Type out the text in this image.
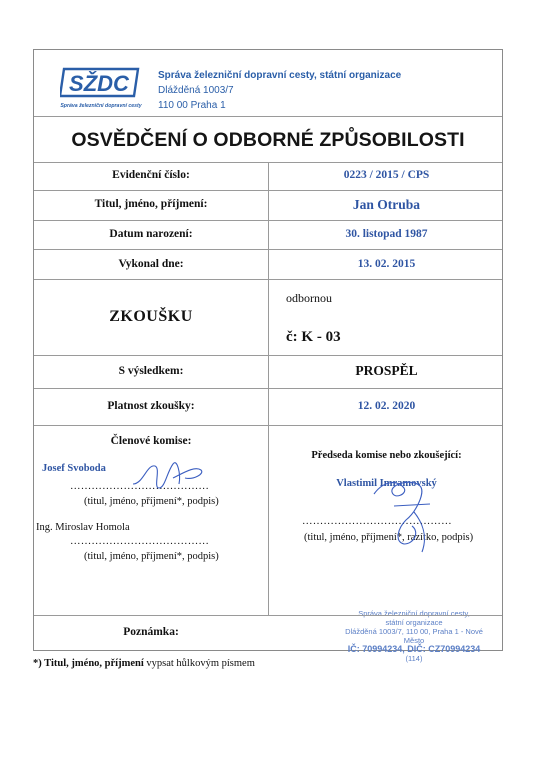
SŽDC
Správa železniční dopravní cesty
Správa železniční dopravní cesty, státní organizace
Dlážděná 1003/7
110 00 Praha 1
OSVĚDČENÍ O ODBORNÉ ZPŮSOBILOSTI
Evidenční číslo:	0223 / 2015 / CPS
Titul, jméno, příjmení:	Jan Otruba
Datum narození:	30. listopad 1987
Vykonal dne:	13. 02. 2015
ZKOUŠKU
odbornou
č: K - 03
S výsledkem:	PROSPĚL
Platnost zkoušky:	12. 02. 2020
Členové komise:
Josef Svoboda
…………………………………
(titul, jméno, příjmení*, podpis)
Ing. Miroslav Homola
…………………………………
(titul, jméno, příjmení*, podpis)
Předseda komise nebo zkoušející:
Vlastimil Imramovský
……………………………………
(titul, jméno, příjmení*, razítko, podpis)
Správa železniční dopravní cesty,
státní organizace
Dlážděná 1003/7, 110 00, Praha 1 - Nové Město
IČ: 70994234, DIČ: CZ70994234
(114)
Poznámka:
*) Titul, jméno, příjmení vypsat hůlkovým písmem
